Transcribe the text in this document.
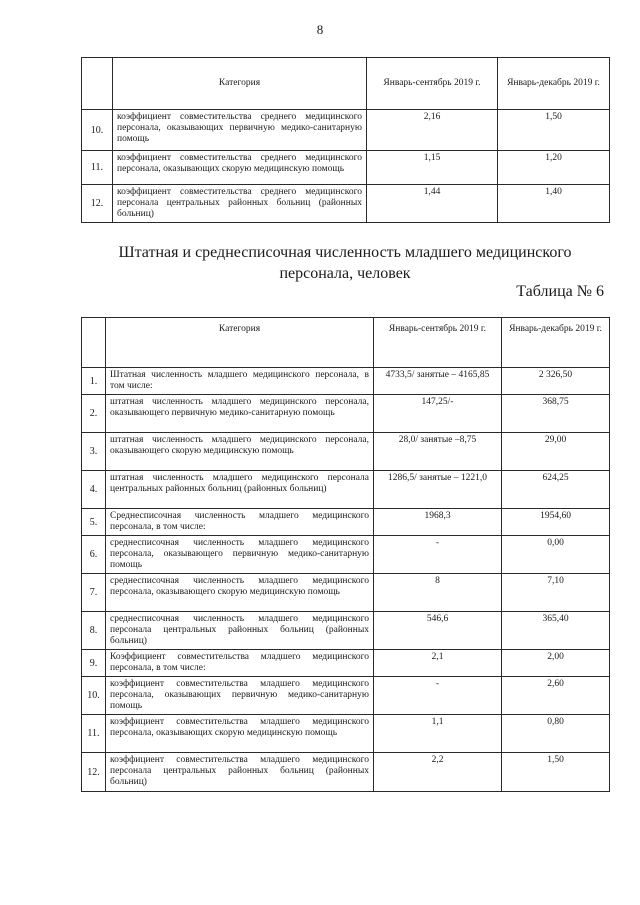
8
	Категория	Январь-сентябрь 2019 г.	Январь-декабрь 2019 г.
10.	коэффициент совместительства среднего медицинского персонала, оказывающих первичную медико-санитарную помощь	2,16	1,50
11.	коэффициент совместительства среднего медицинского персонала, оказывающих скорую медицинскую помощь	1,15	1,20
12.	коэффициент совместительства среднего медицинского персонала центральных районных больниц (районных больниц)	1,44	1,40
Штатная и среднесписочная численность младшего медицинского персонала, человек
Таблица № 6
	Категория	Январь-сентябрь 2019 г.	Январь-декабрь 2019 г.
1.	Штатная численность младшего медицинского персонала, в том числе:	4733,5/ занятые – 4165,85	2 326,50
2.	штатная численность младшего медицинского персонала, оказывающего первичную медико-санитарную помощь	147,25/-	368,75
3.	штатная численность младшего медицинского персонала, оказывающего скорую медицинскую помощь	28,0/ занятые –8,75	29,00
4.	штатная численность младшего медицинского персонала центральных районных больниц (районных больниц)	1286,5/ занятые – 1221,0	624,25
5.	Среднесписочная численность младшего медицинского персонала, в том числе:	1968,3	1954,60
6.	среднесписочная численность младшего медицинского персонала, оказывающего первичную медико-санитарную помощь	-	0,00
7.	среднесписочная численность младшего медицинского персонала, оказывающего скорую медицинскую помощь	8	7,10
8.	среднесписочная численность младшего медицинского персонала центральных районных больниц (районных больниц)	546,6	365,40
9.	Коэффициент совместительства младшего медицинского персонала, в том числе:	2,1	2,00
10.	коэффициент совместительства младшего медицинского персонала, оказывающих первичную медико-санитарную помощь	-	2,60
11.	коэффициент совместительства младшего медицинского персонала, оказывающих скорую медицинскую помощь	1,1	0,80
12.	коэффициент совместительства младшего медицинского персонала центральных районных больниц (районных больниц)	2,2	1,50
